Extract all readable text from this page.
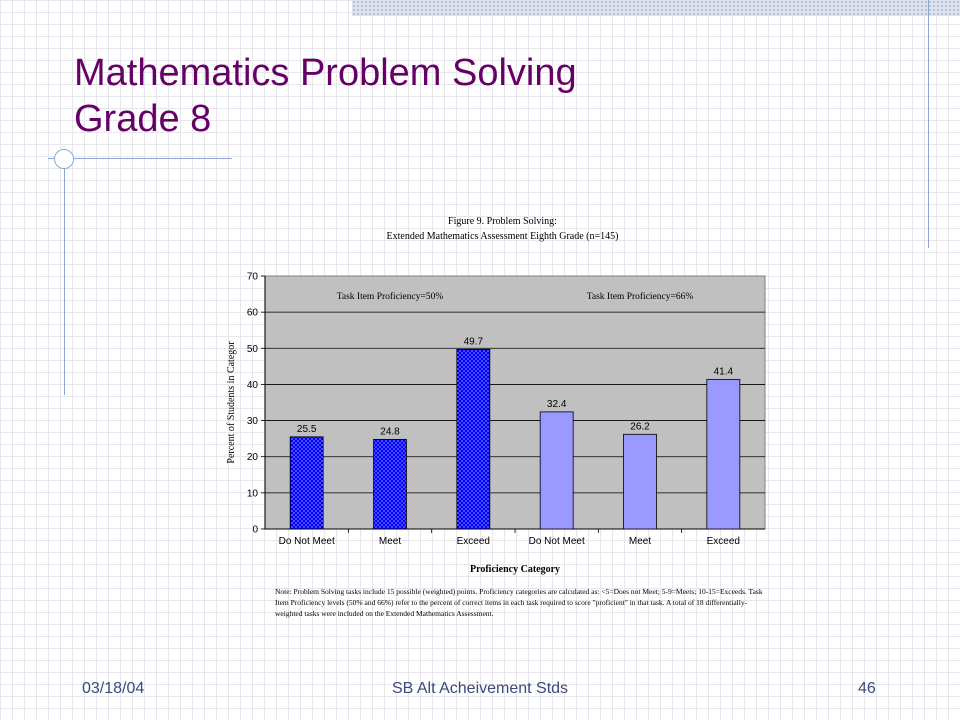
Mathematics Problem Solving
Grade 8
Figure 9. Problem Solving:
Extended Mathematics Assessment Eighth Grade (n=145)
0
10
20
30
40
50
60
70
25.5
Do Not Meet
24.8
Meet
49.7
Exceed
32.4
Do Not Meet
26.2
Meet
41.4
Exceed
Task Item Proficiency=50%	Task Item Proficiency=66%
Proficiency Category
Percent of Students in Categor
Note: Problem Solving tasks include 15 possible (weighted) points. Proficiency categories are calculated as: <5=Does not Meet; 5-9=Meets; 10-15=Exceeds. Task Item Proficiency levels (50% and 66%) refer to the percent of correct items in each task required to score "proficient" in that task. A total of 18 differentially-weighted tasks were included on the Extended Mathematics Assessment.
03/18/04	SB Alt Acheivement Stds	46
